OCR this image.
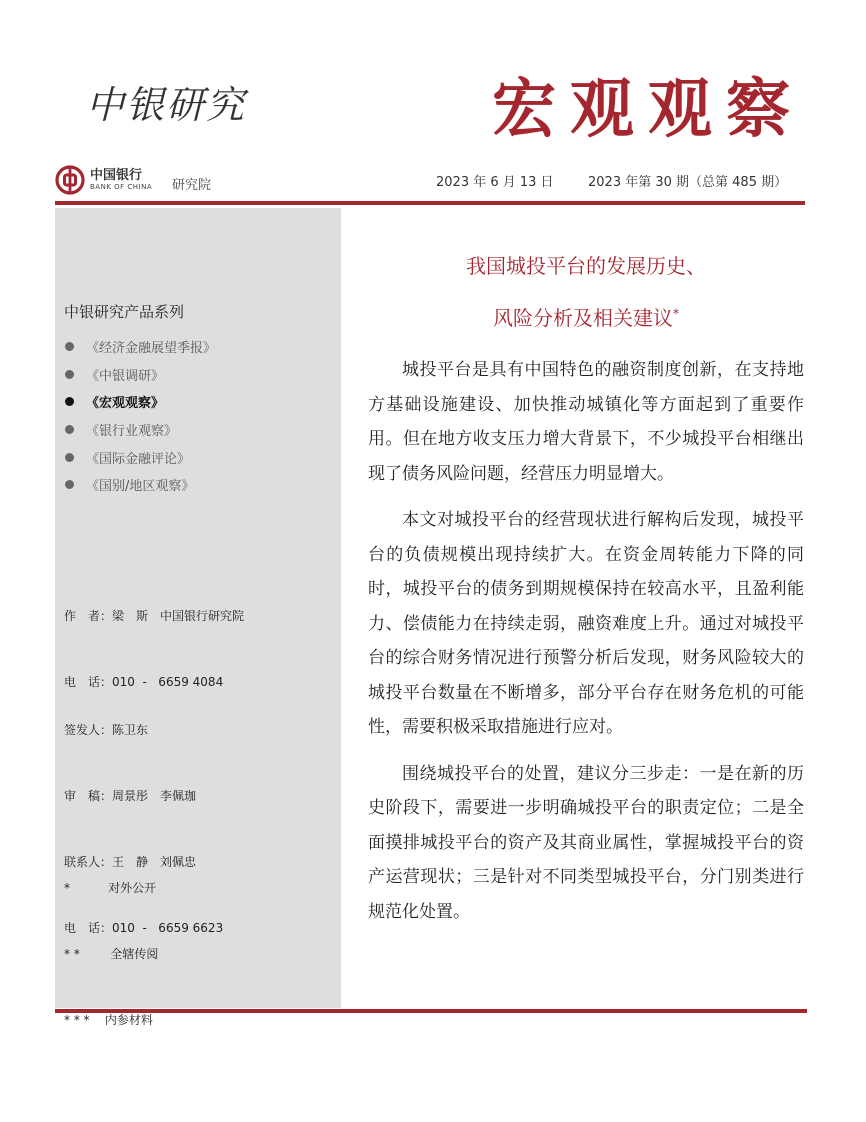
中银研究	宏观观察
中国银行
BANK OF CHINA 研究院	2023 年 6 月 13 日	2023 年第 30 期（总第 485 期）
中银研究产品系列
《经济金融展望季报》
《中银调研》
《宏观观察》
《银行业观察》
《国际金融评论》
《国别/地区观察》

作　者：梁　斯　中国银行研究院

电　话：010  -   6659 4084

签发人：陈卫东

审　稿：周景彤　李佩珈

联系人：王　静　刘佩忠

电　话：010  -   6659 6623

*          对外公开

* *        全辖传阅

* * *    内参材料

我国城投平台的发展历史、
风险分析及相关建议*

城投平台是具有中国特色的融资制度创新，在支持地方基础设施建设、加快推动城镇化等方面起到了重要作用。但在地方收支压力增大背景下，不少城投平台相继出现了债务风险问题，经营压力明显增大。

本文对城投平台的经营现状进行解构后发现，城投平台的负债规模出现持续扩大。在资金周转能力下降的同时，城投平台的债务到期规模保持在较高水平，且盈利能力、偿债能力在持续走弱，融资难度上升。通过对城投平台的综合财务情况进行预警分析后发现，财务风险较大的城投平台数量在不断增多，部分平台存在财务危机的可能性，需要积极采取措施进行应对。

围绕城投平台的处置，建议分三步走：一是在新的历史阶段下，需要进一步明确城投平台的职责定位；二是全面摸排城投平台的资产及其商业属性，掌握城投平台的资产运营现状；三是针对不同类型城投平台，分门别类进行规范化处置。
